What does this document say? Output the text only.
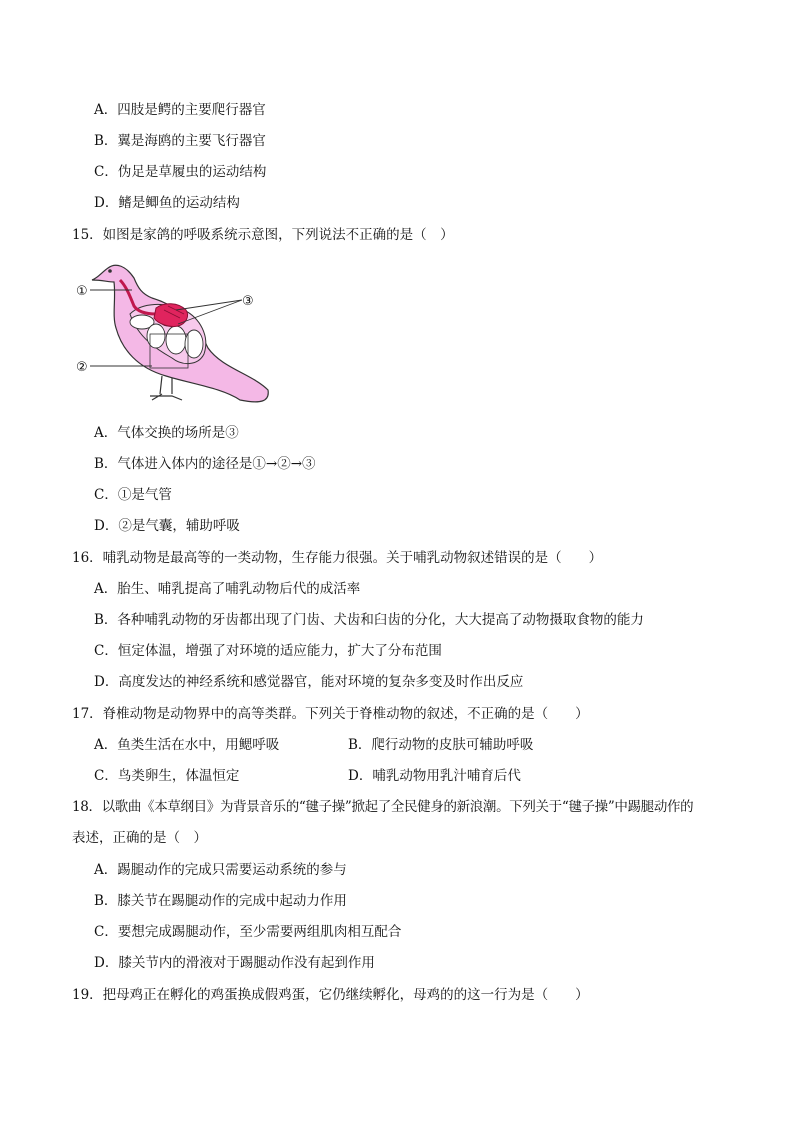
A．四肢是鳄的主要爬行器官
B．翼是海鸥的主要飞行器官
C．伪足是草履虫的运动结构
D．鳍是鲫鱼的运动结构
15．如图是家鸽的呼吸系统示意图，下列说法不正确的是（　）
①
②
③
A．气体交换的场所是③
B．气体进入体内的途径是①→②→③
C．①是气管
D．②是气囊，辅助呼吸
16．哺乳动物是最高等的一类动物，生存能力很强。关于哺乳动物叙述错误的是（　　）
A．胎生、哺乳提高了哺乳动物后代的成活率
B．各种哺乳动物的牙齿都出现了门齿、犬齿和臼齿的分化，大大提高了动物摄取食物的能力
C．恒定体温，增强了对环境的适应能力，扩大了分布范围
D．高度发达的神经系统和感觉器官，能对环境的复杂多变及时作出反应
17．脊椎动物是动物界中的高等类群。下列关于脊椎动物的叙述，不正确的是（　　）
A．鱼类生活在水中，用鳃呼吸	B．爬行动物的皮肤可辅助呼吸
C．鸟类卵生，体温恒定	D．哺乳动物用乳汁哺育后代
18．以歌曲《本草纲目》为背景音乐的“毽子操”掀起了全民健身的新浪潮。下列关于“毽子操”中踢腿动作的
表述，正确的是（　）
A．踢腿动作的完成只需要运动系统的参与
B．膝关节在踢腿动作的完成中起动力作用
C．要想完成踢腿动作，至少需要两组肌肉相互配合
D．膝关节内的滑液对于踢腿动作没有起到作用
19．把母鸡正在孵化的鸡蛋换成假鸡蛋，它仍继续孵化，母鸡的的这一行为是（　　）
